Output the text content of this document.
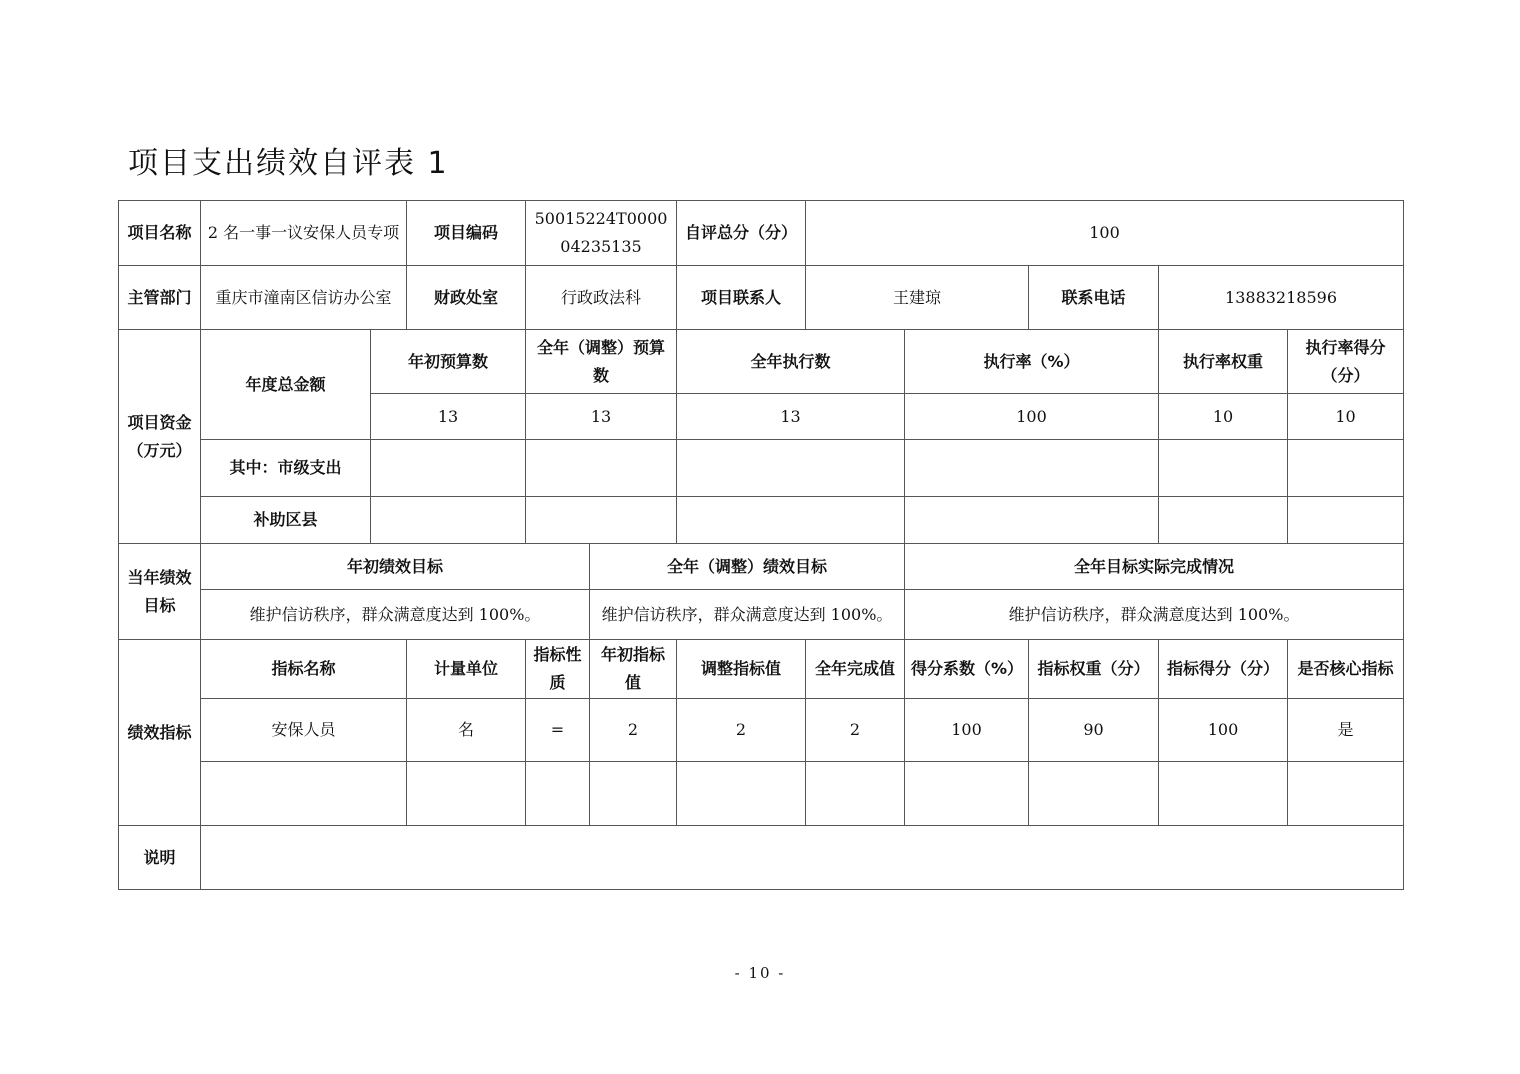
项目支出绩效自评表 1
项目名称	2 名一事一议安保人员专项		项目编码	50015224T000004235135		自评总分（分）	100				
主管部门	重庆市潼南区信访办公室		财政处室	行政政法科		项目联系人	王建琼		联系电话	13883218596	
项目资金（万元）	年度总金额	年初预算数		全年（调整）预算数		全年执行数		执行率（%）		执行率权重	执行率得分（分）
		13		13		13		100		10	10
	其中：市级支出										
	补助区县										
当年绩效目标	年初绩效目标				全年（调整）绩效目标			全年目标实际完成情况			
	维护信访秩序，群众满意度达到 100%。				维护信访秩序，群众满意度达到 100%。			维护信访秩序，群众满意度达到 100%。			
绩效指标	指标名称		计量单位	指标性质	年初指标值	调整指标值	全年完成值	得分系数（%）	指标权重（分）	指标得分（分）	是否核心指标
	安保人员		名	=	2	2	2	100	90	100	是

说明											
- 10 -
